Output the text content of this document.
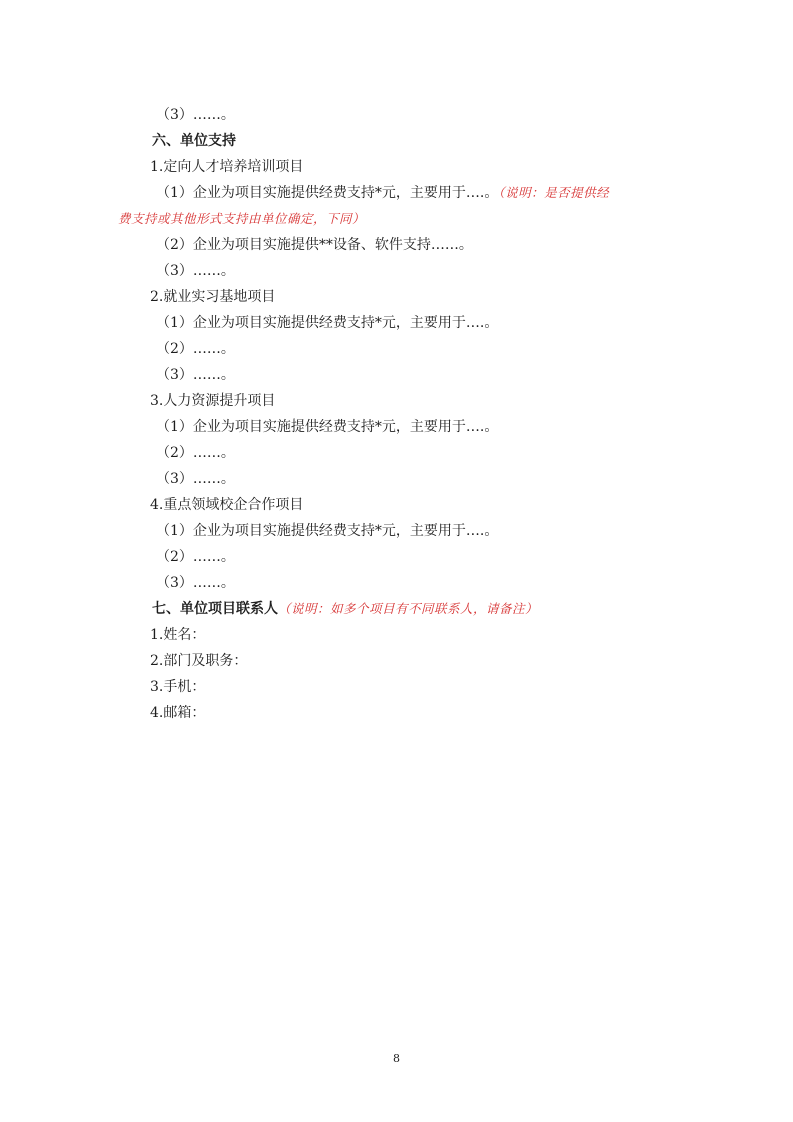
（3）……。
六、单位支持
1.定向人才培养培训项目
（1）企业为项目实施提供经费支持*元，主要用于….。（说明：是否提供经
费支持或其他形式支持由单位确定，下同）
（2）企业为项目实施提供**设备、软件支持……。
（3）……。
2.就业实习基地项目
（1）企业为项目实施提供经费支持*元，主要用于….。
（2）……。
（3）……。
3.人力资源提升项目
（1）企业为项目实施提供经费支持*元，主要用于….。
（2）……。
（3）……。
4.重点领域校企合作项目
（1）企业为项目实施提供经费支持*元，主要用于….。
（2）……。
（3）……。
七、单位项目联系人（说明：如多个项目有不同联系人，请备注）
1.姓名：
2.部门及职务：
3.手机：
4.邮箱：
8
